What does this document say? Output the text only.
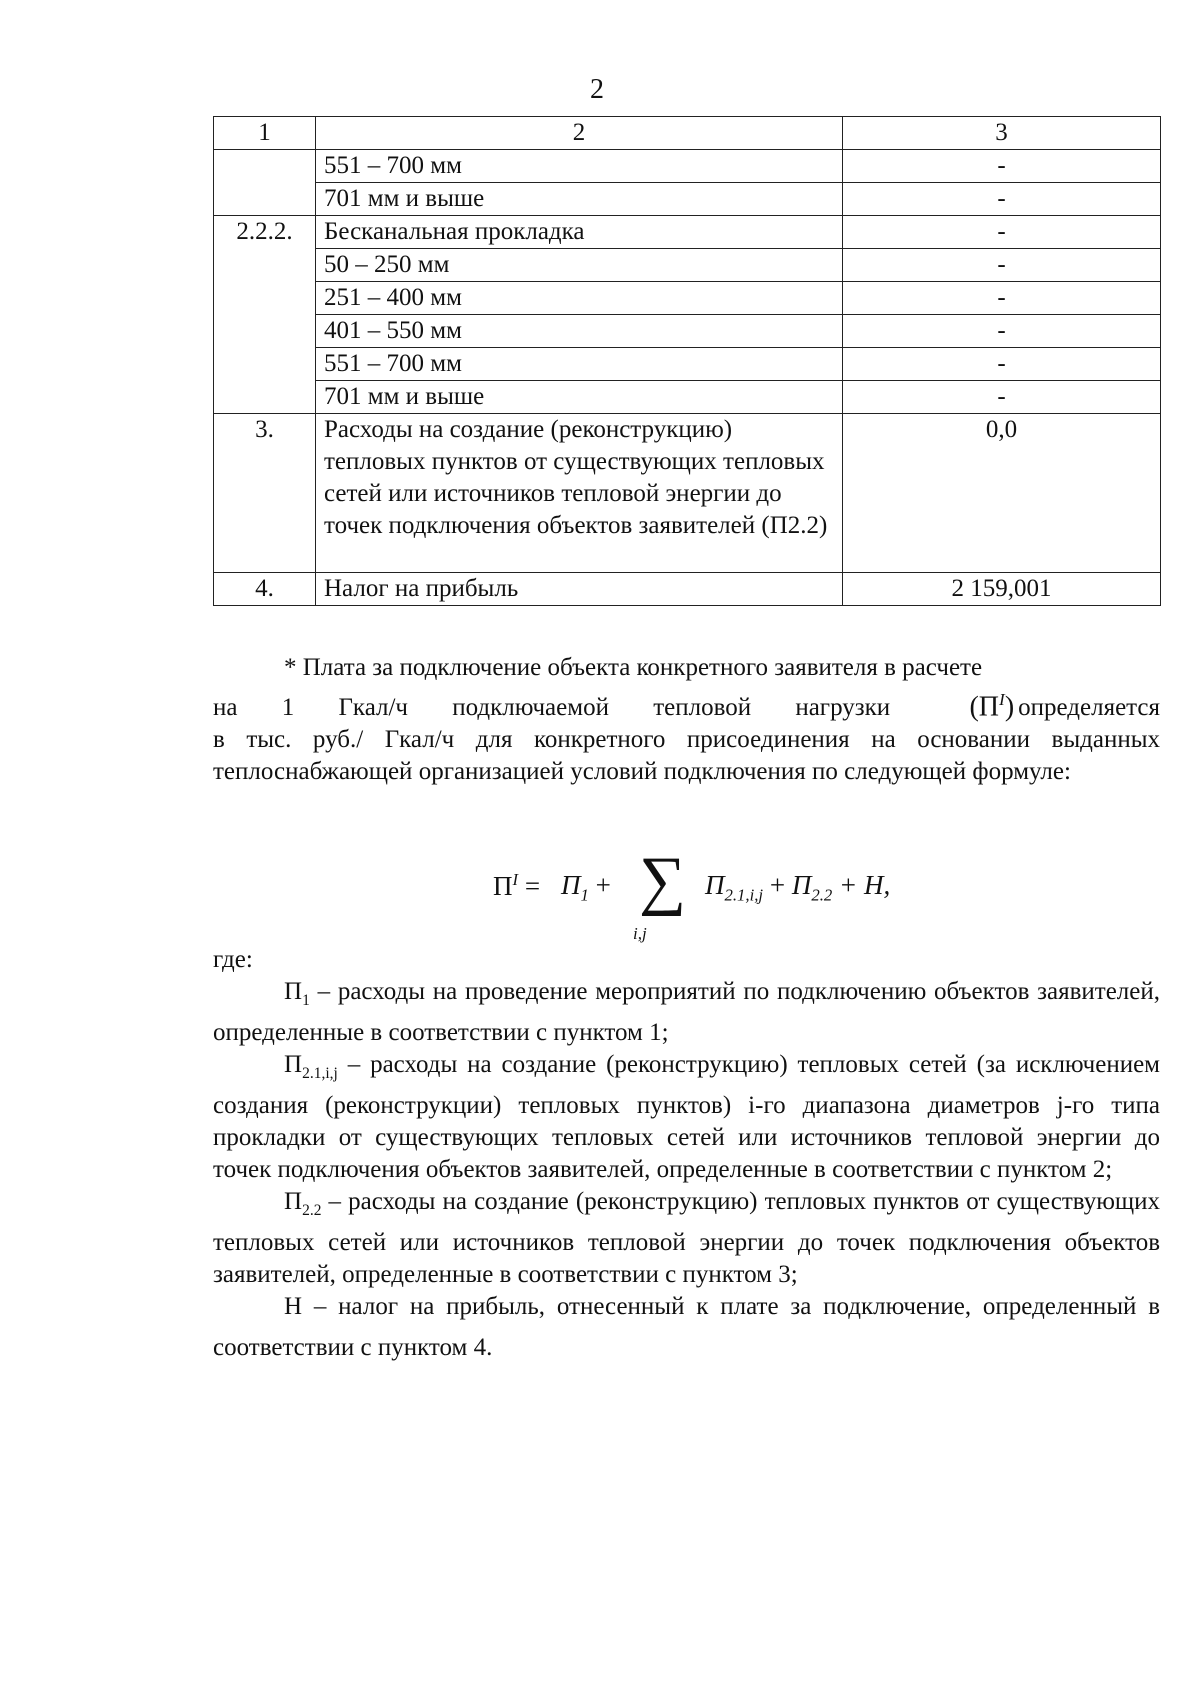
2
1	2	3
	551 – 700 мм	-
	701 мм и выше	-
2.2.2.	Бесканальная прокладка	-
	50 – 250 мм	-
	251 – 400 мм	-
	401 – 550 мм	-
	551 – 700 мм	-
	701 мм и выше	-
3.	Расходы на создание (реконструкцию) тепловых пунктов от существующих тепловых сетей или источников тепловой энергии до точек подключения объектов заявителей (П2.2)	0,0
4.	Налог на прибыль	2 159,001
* Плата за подключение объекта конкретного заявителя в расчете
на 1 Гкал/ч подключаемой тепловой нагрузки	$(П^I)$ определяется
в тыс. руб./ Гкал/ч для конкретного присоединения на основании выданных теплоснабжающей организацией условий подключения по следующей формуле:
$П^I = П_1$ + ∑
i,j
$П_{2.1,i,j} + П_{2.2} + H$,
где:
$П_1$ – расходы на проведение мероприятий по подключению объектов заявителей, определенные в соответствии с пунктом 1;
$П_{2.1,i,j}$ – расходы на создание (реконструкцию) тепловых сетей (за исключением создания (реконструкции) тепловых пунктов) i-го диапазона диаметров j-го типа прокладки от существующих тепловых сетей или источников тепловой энергии до точек подключения объектов заявителей, определенные в соответствии с пунктом 2;
$П_{2.2}$ – расходы на создание (реконструкцию) тепловых пунктов от существующих тепловых сетей или источников тепловой энергии до точек подключения объектов заявителей, определенные в соответствии с пунктом 3;
Н – налог на прибыль, отнесенный к плате за подключение, определенный в соответствии с пунктом 4.
